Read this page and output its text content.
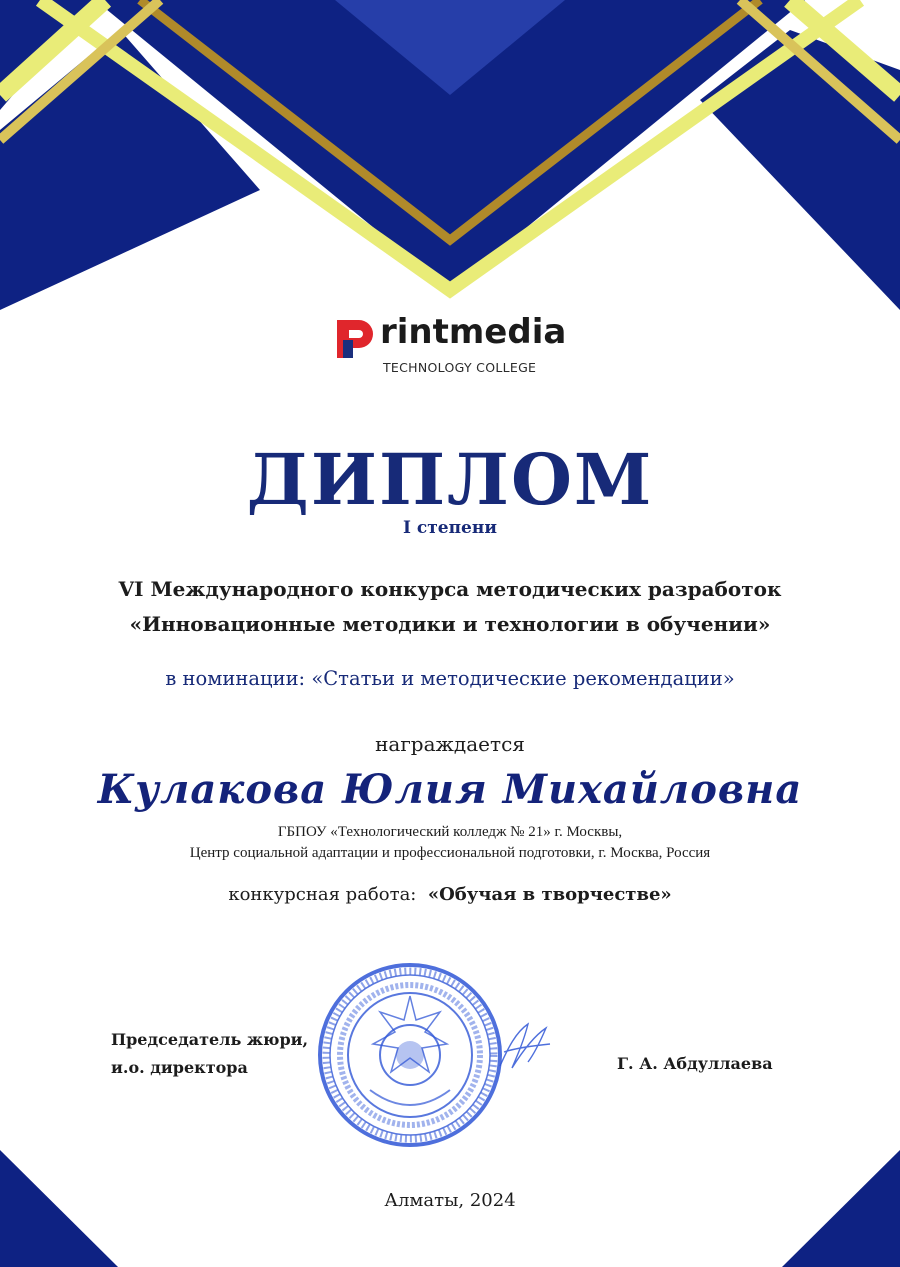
rintmedia
TECHNOLOGY COLLEGE
ДИПЛОМ
I степени
VI Международного конкурса методических разработок
«Инновационные методики и технологии в обучении»
в номинации: «Статьи и методические рекомендации»
награждается
Кулакова Юлия Михайловна
ГБПОУ «Технологический колледж № 21» г. Москвы,
Центр социальной адаптации и профессиональной подготовки, г. Москва, Россия
конкурсная работа: «Обучая в творчестве»
Председатель жюри,
и.о. директора	Г. А. Абдуллаева
Алматы, 2024
